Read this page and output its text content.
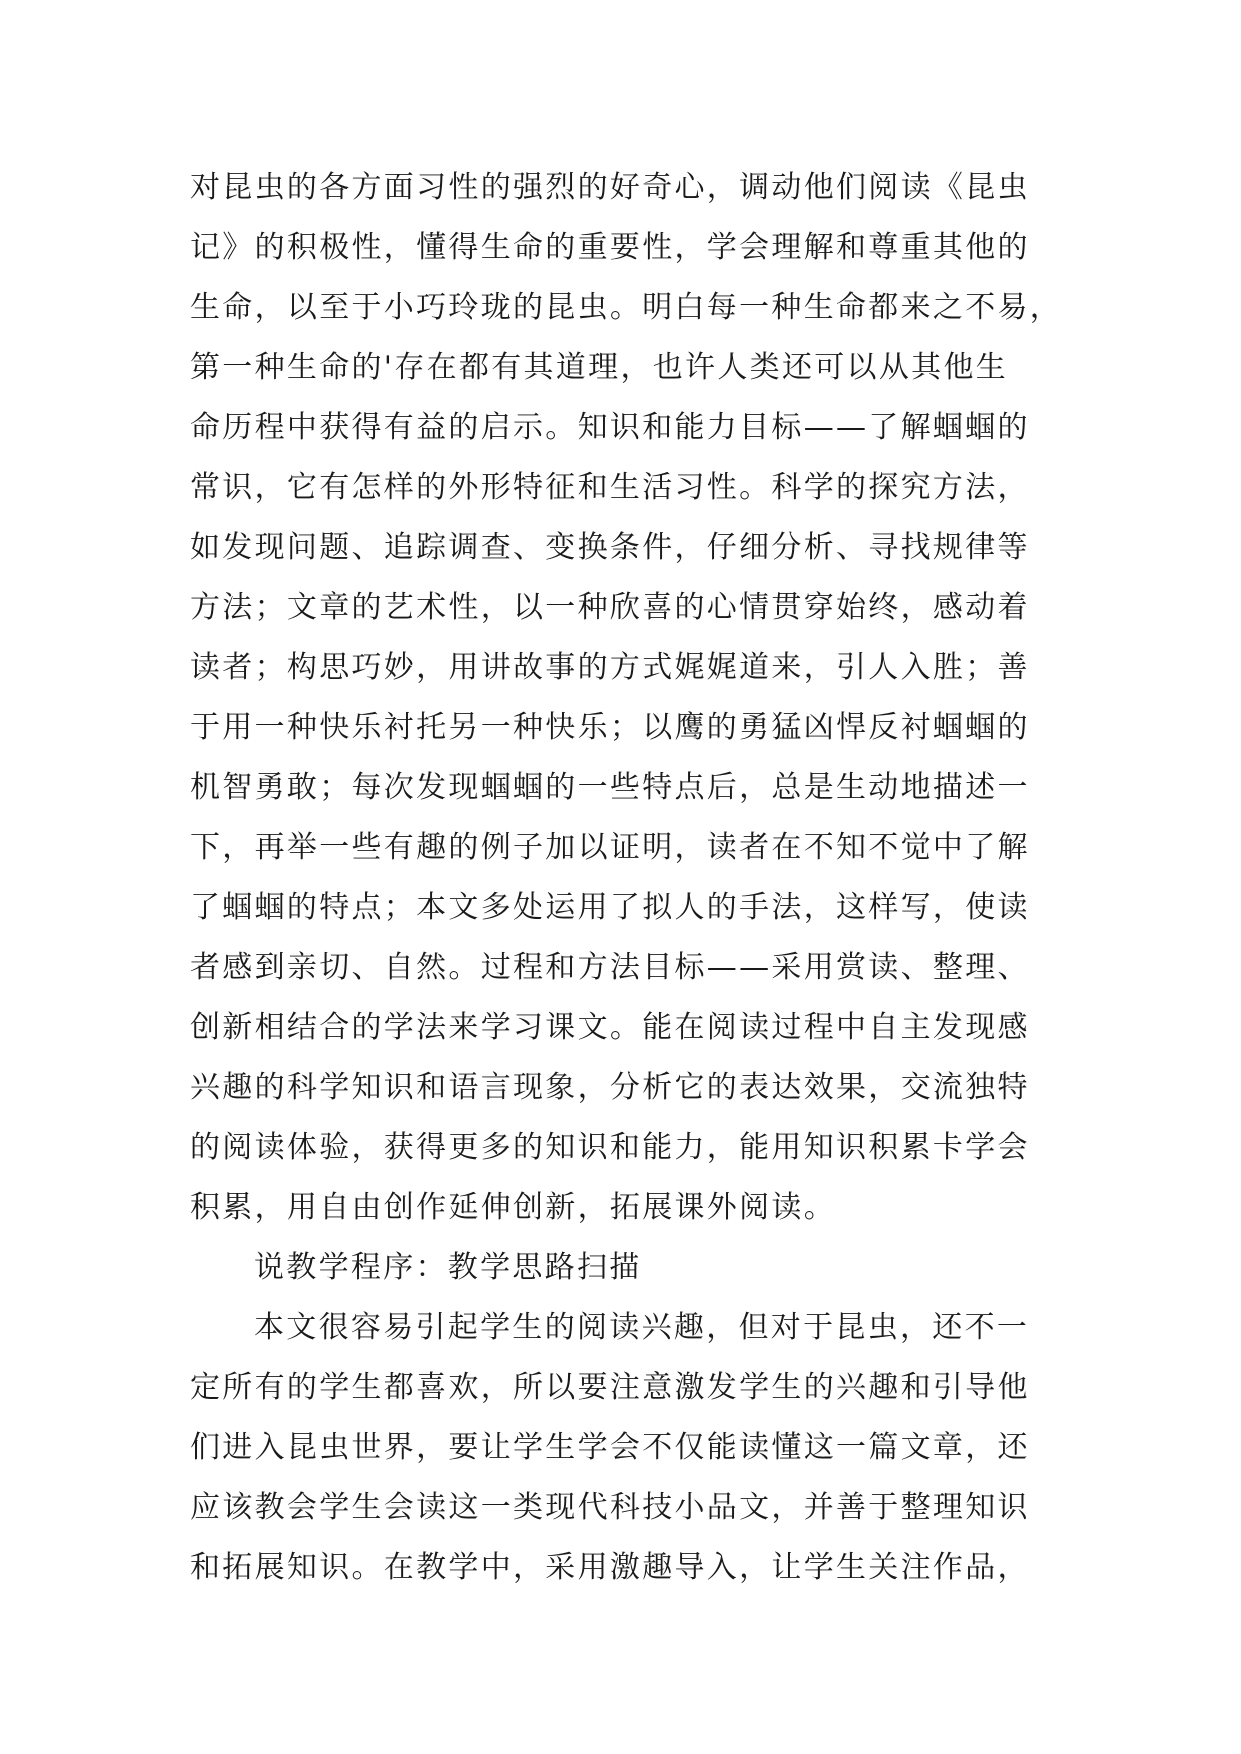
对昆虫的各方面习性的强烈的好奇心，调动他们阅读《昆虫
记》的积极性，懂得生命的重要性，学会理解和尊重其他的
生命，以至于小巧玲珑的昆虫。明白每一种生命都来之不易，
第一种生命的'存在都有其道理，也许人类还可以从其他生
命历程中获得有益的启示。知识和能力目标——了解蝈蝈的
常识，它有怎样的外形特征和生活习性。科学的探究方法，
如发现问题、追踪调查、变换条件，仔细分析、寻找规律等
方法；文章的艺术性，以一种欣喜的心情贯穿始终，感动着
读者；构思巧妙，用讲故事的方式娓娓道来，引人入胜；善
于用一种快乐衬托另一种快乐；以鹰的勇猛凶悍反衬蝈蝈的
机智勇敢；每次发现蝈蝈的一些特点后，总是生动地描述一
下，再举一些有趣的例子加以证明，读者在不知不觉中了解
了蝈蝈的特点；本文多处运用了拟人的手法，这样写，使读
者感到亲切、自然。过程和方法目标——采用赏读、整理、
创新相结合的学法来学习课文。能在阅读过程中自主发现感
兴趣的科学知识和语言现象，分析它的表达效果，交流独特
的阅读体验，获得更多的知识和能力，能用知识积累卡学会
积累，用自由创作延伸创新，拓展课外阅读。
说教学程序：教学思路扫描
本文很容易引起学生的阅读兴趣，但对于昆虫，还不一
定所有的学生都喜欢，所以要注意激发学生的兴趣和引导他
们进入昆虫世界，要让学生学会不仅能读懂这一篇文章，还
应该教会学生会读这一类现代科技小品文，并善于整理知识
和拓展知识。在教学中，采用激趣导入，让学生关注作品，
